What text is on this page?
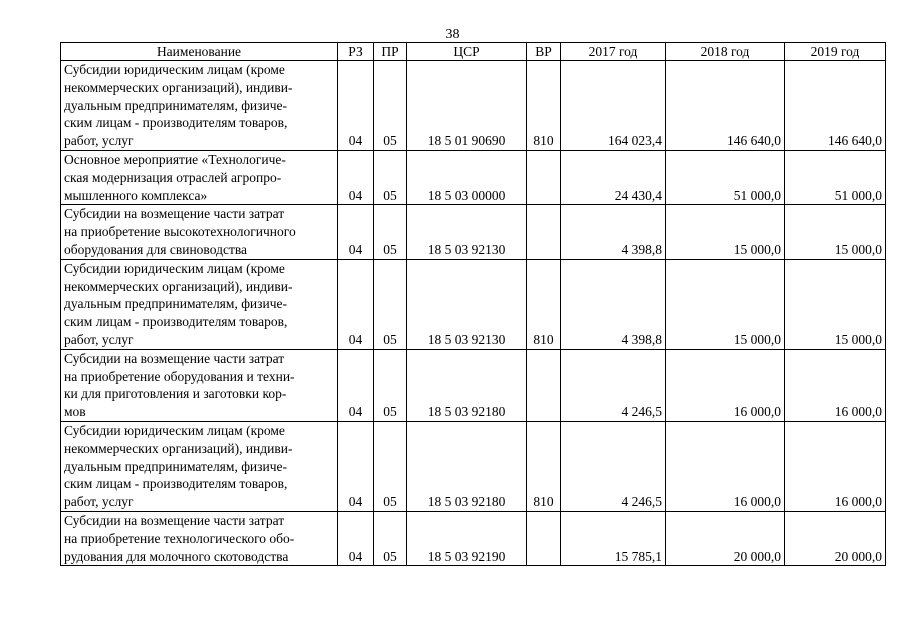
38
Наименование	РЗ	ПР	ЦСР	ВР	2017 год	2018 год	2019 год

Субсидии юридическим лицам (кроме
некоммерческих организаций), индиви-
дуальным предпринимателям, физиче-
ским лицам - производителям товаров,
работ, услуг	04	05	18 5 01 90690	810	164 023,4	146 640,0	146 640,0

Основное мероприятие «Технологиче-
ская модернизация отраслей агропро-
мышленного комплекса»	04	05	18 5 03 00000		24 430,4	51 000,0	51 000,0

Субсидии на возмещение части затрат
на приобретение высокотехнологичного
оборудования для свиноводства	04	05	18 5 03 92130		4 398,8	15 000,0	15 000,0

Субсидии юридическим лицам (кроме
некоммерческих организаций), индиви-
дуальным предпринимателям, физиче-
ским лицам - производителям товаров,
работ, услуг	04	05	18 5 03 92130	810	4 398,8	15 000,0	15 000,0

Субсидии на возмещение части затрат
на приобретение оборудования и техни-
ки для приготовления и заготовки кор-
мов	04	05	18 5 03 92180		4 246,5	16 000,0	16 000,0

Субсидии юридическим лицам (кроме
некоммерческих организаций), индиви-
дуальным предпринимателям, физиче-
ским лицам - производителям товаров,
работ, услуг	04	05	18 5 03 92180	810	4 246,5	16 000,0	16 000,0

Субсидии на возмещение части затрат
на приобретение технологического обо-
рудования для молочного скотоводства	04	05	18 5 03 92190		15 785,1	20 000,0	20 000,0
